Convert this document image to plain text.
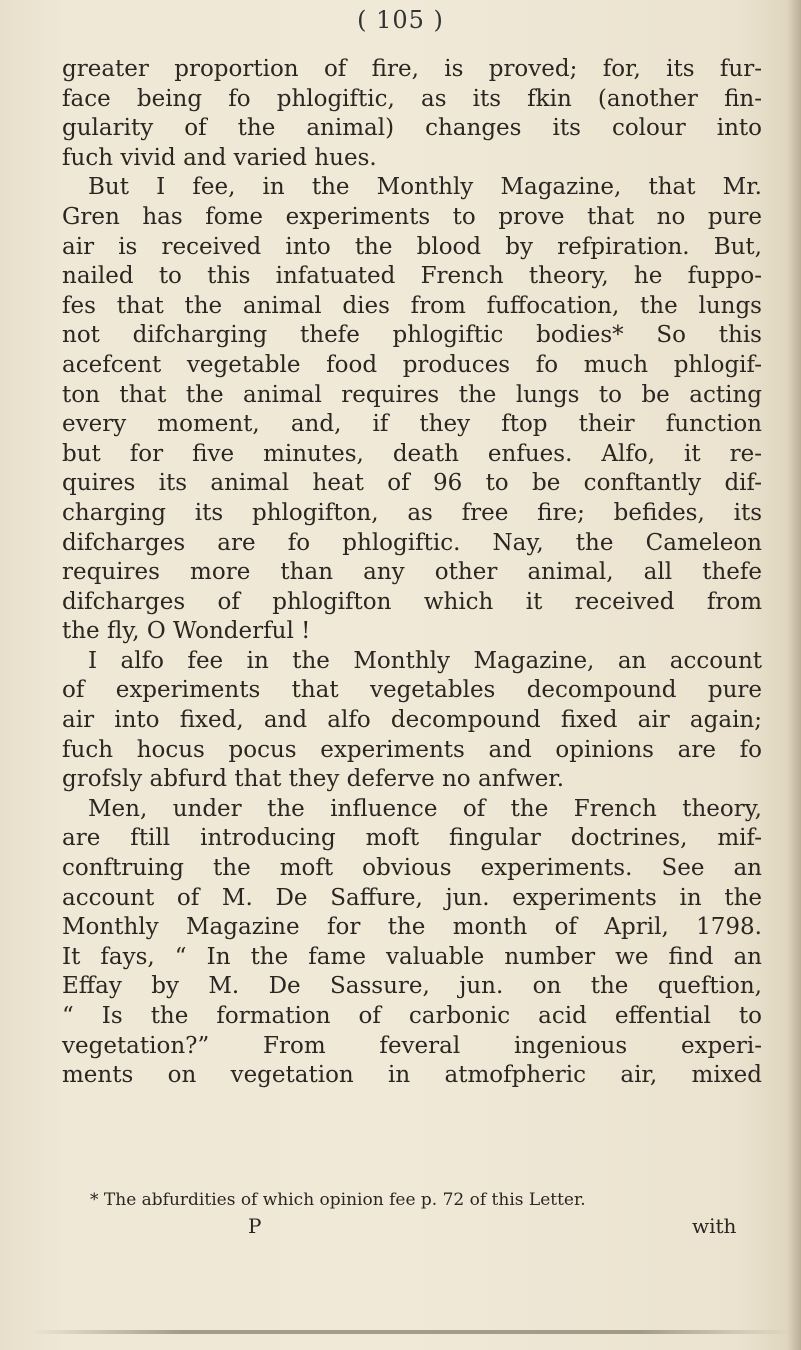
( 105 )
greater proportion of fire, is proved; for, its fur-
face being fo phlogiftic, as its fkin (another fin-
gularity of the animal) changes its colour into
fuch vivid and varied hues.
But I fee, in the Monthly Magazine, that Mr.
Gren has fome experiments to prove that no pure
air is received into the blood by refpiration. But,
nailed to this infatuated French theory, he fuppo-
fes that the animal dies from fuffocation, the lungs
not difcharging thefe phlogiftic bodies* So this
acefcent vegetable food produces fo much phlogif-
ton that the animal requires the lungs to be acting
every moment, and, if they ftop their function
but for five minutes, death enfues. Alfo, it re-
quires its animal heat of 96 to be conftantly dif-
charging its phlogifton, as free fire; befides, its
difcharges are fo phlogiftic. Nay, the Cameleon
requires more than any other animal, all thefe
difcharges of phlogifton which it received from
the fly, O Wonderful !
I alfo fee in the Monthly Magazine, an account
of experiments that vegetables decompound pure
air into fixed, and alfo decompound fixed air again;
fuch hocus pocus experiments and opinions are fo
grofsly abfurd that they deferve no anfwer.
Men, under the influence of the French theory,
are ftill introducing moft fingular doctrines, mif-
conftruing the moft obvious experiments. See an
account of M. De Saffure, jun. experiments in the
Monthly Magazine for the month of April, 1798.
It fays, “ In the fame valuable number we find an
Effay by M. De Sassure, jun. on the queftion,
“ Is the formation of carbonic acid effential to
vegetation?” From feveral ingenious experi-
ments on vegetation in atmofpheric air, mixed
* The abfurdities of which opinion fee p. 72 of this Letter.
P	with
